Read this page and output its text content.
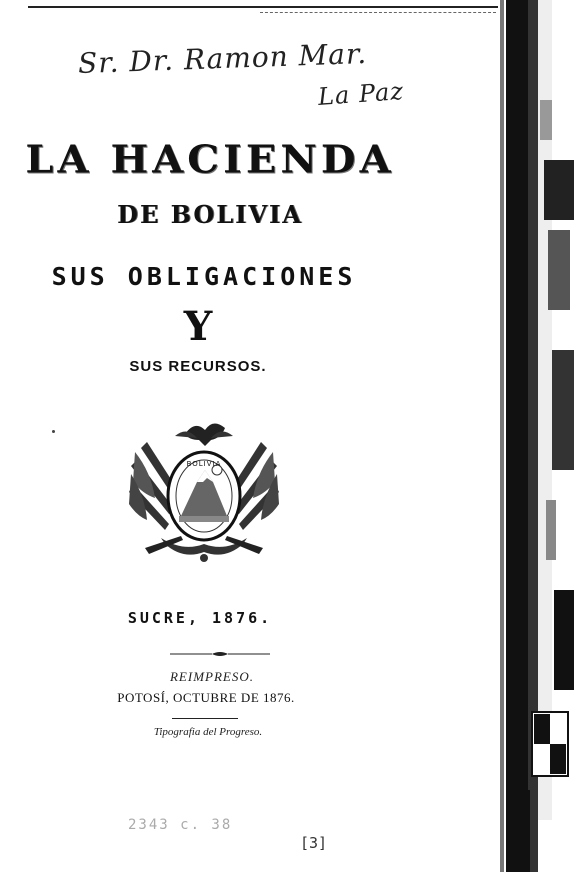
Sr. Dr. Ramon Mar.
La Paz
LA HACIENDA
DE BOLIVIA
SUS OBLIGACIONES
Y
SUS RECURSOS.
BOLIVIA
SUCRE, 1876.
REIMPRESO.
POTOSÍ, OCTUBRE DE 1876.
Tipografia del Progreso.
2343 c. 38
[3]
